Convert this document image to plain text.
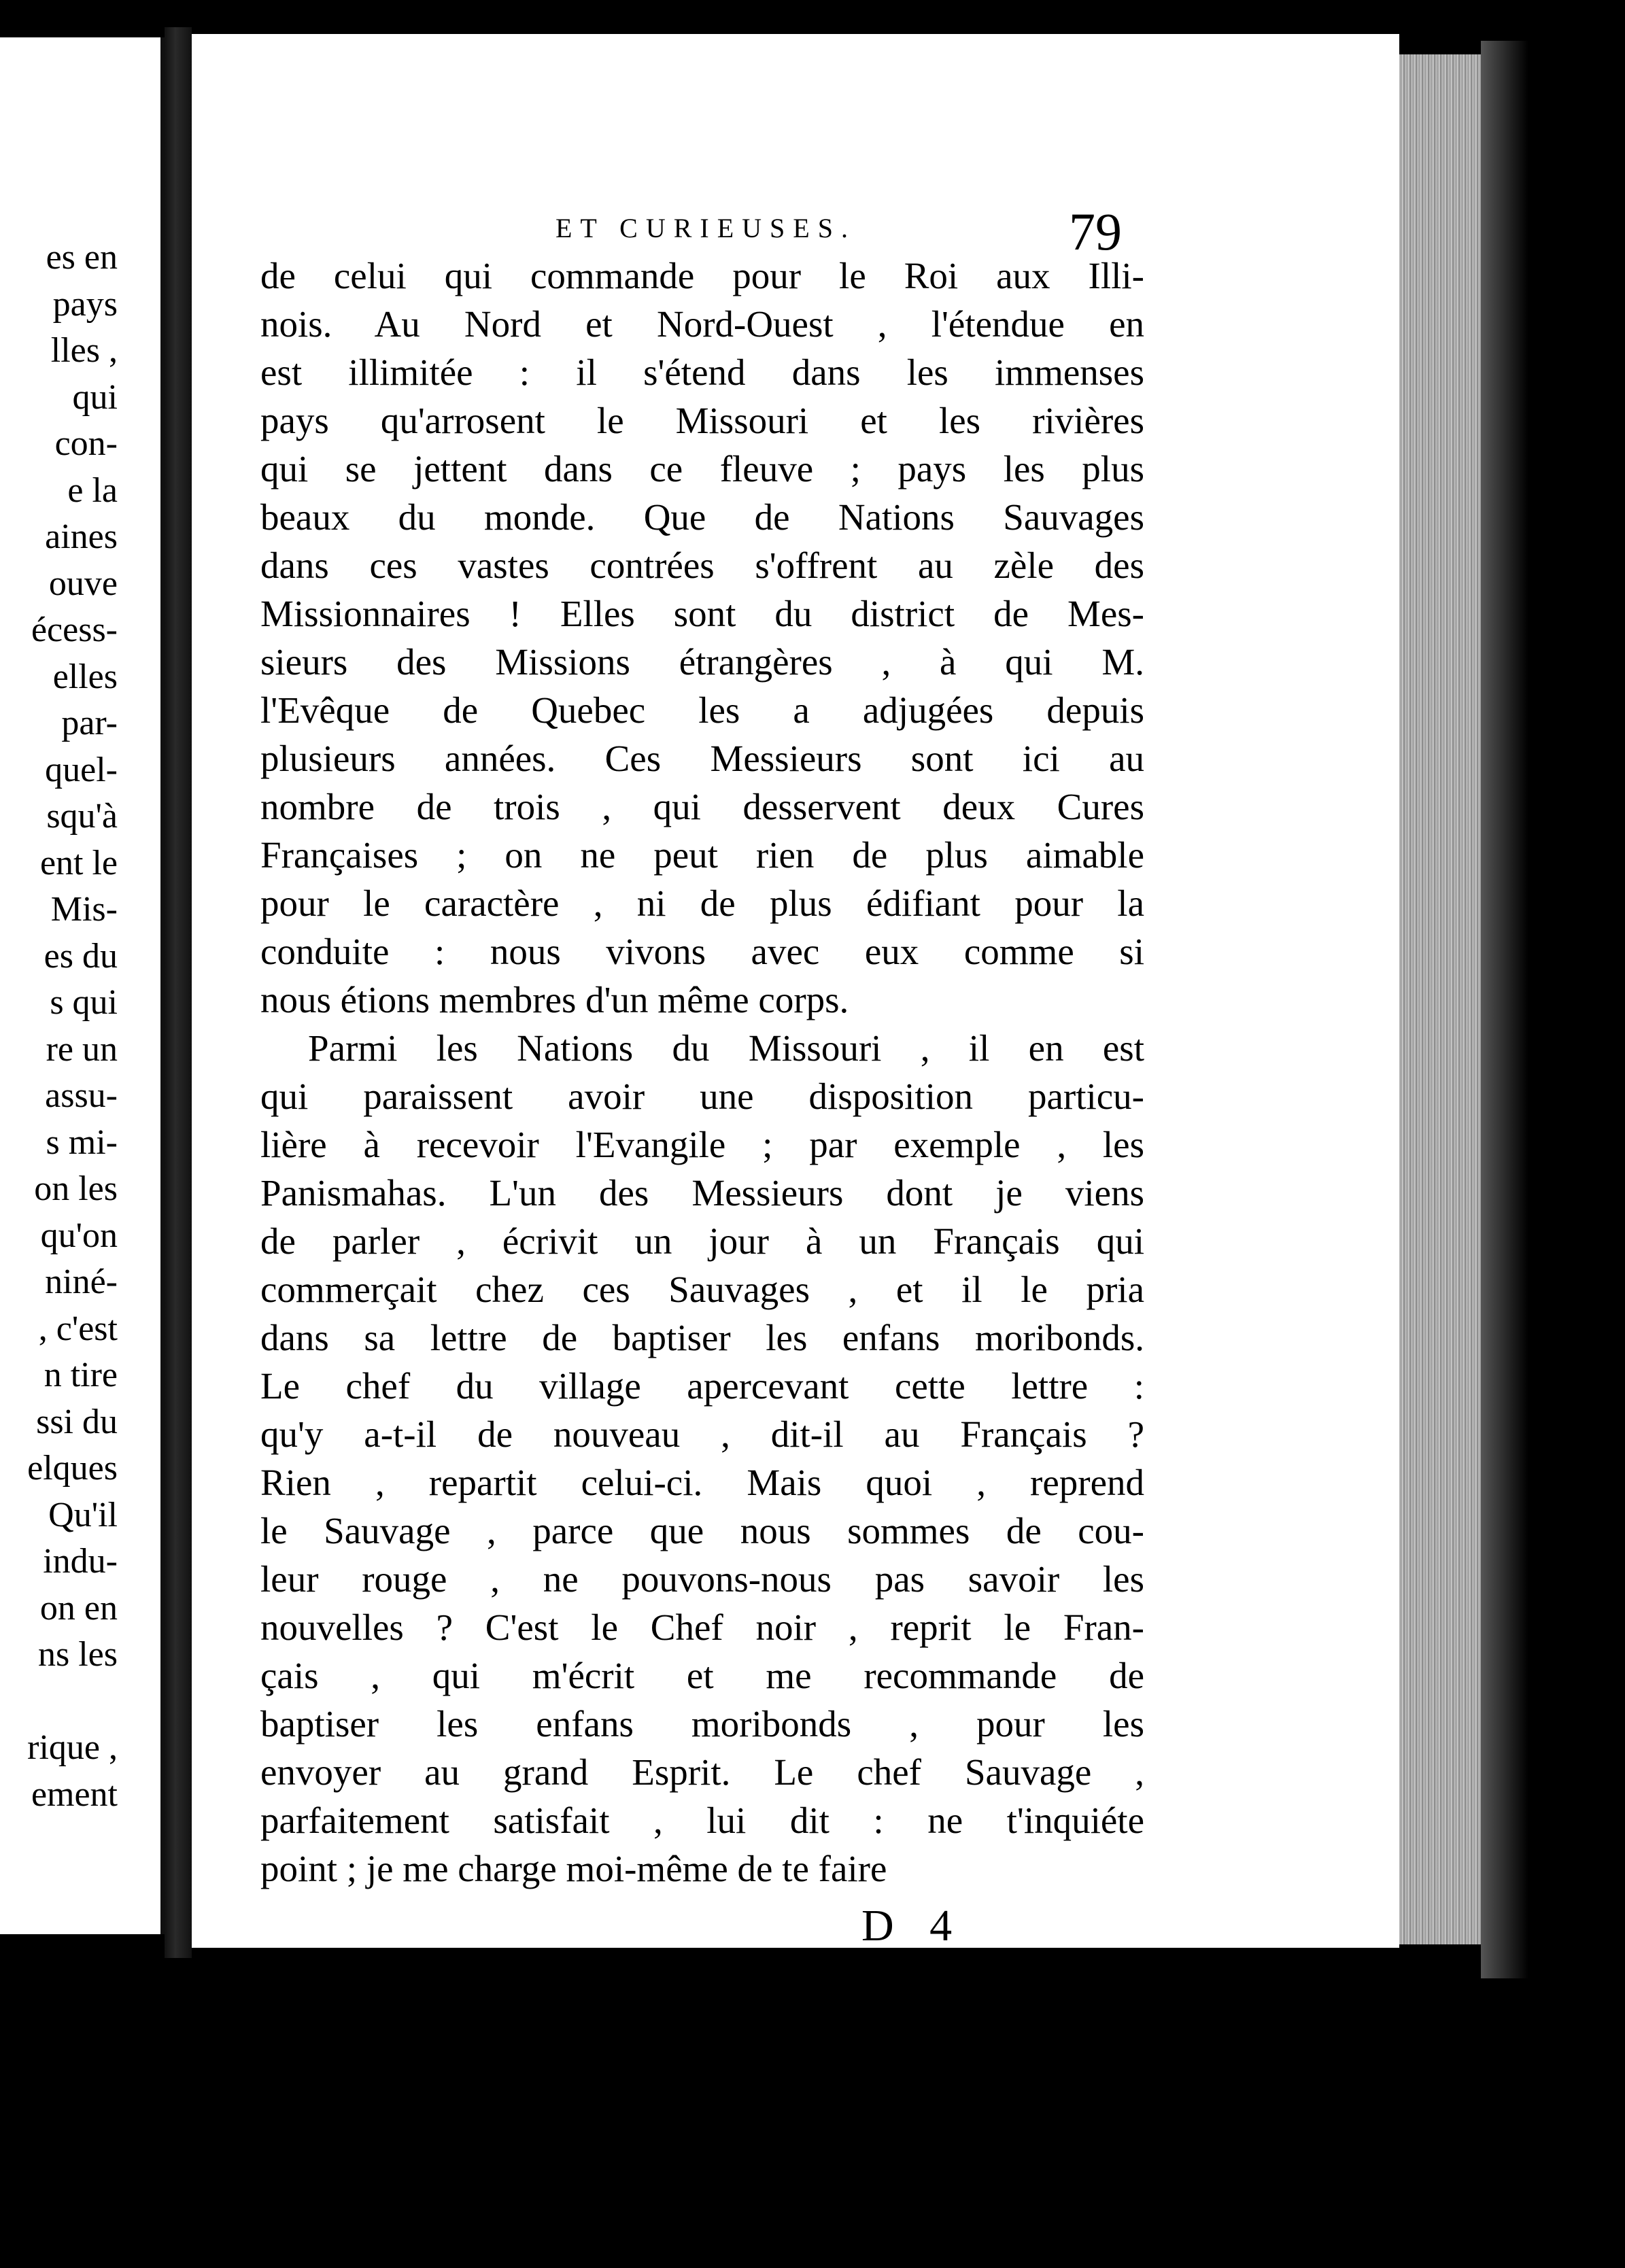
es en
pays
lles ,
qui
con-
e la
aines
ouve
écess-
elles
par-
quel-
squ'à
ent le
Mis-
es du
s qui
re un
assu-
s mi-
on les
qu'on
niné-
, c'est
n tire
ssi du
elques
Qu'il
indu-
on en
ns les
rique ,
ement
ET CURIEUSES.	79
de celui qui commande pour le Roi aux Illi-
nois. Au Nord et Nord-Ouest , l'étendue en
est illimitée : il s'étend dans les immenses
pays qu'arrosent le Missouri et les rivières
qui se jettent dans ce fleuve ; pays les plus
beaux du monde. Que de Nations Sauvages
dans ces vastes contrées s'offrent au zèle des
Missionnaires ! Elles sont du district de Mes-
sieurs des Missions étrangères , à qui M.
l'Evêque de Quebec les a adjugées depuis
plusieurs années. Ces Messieurs sont ici au
nombre de trois , qui desservent deux Cures
Françaises ; on ne peut rien de plus aimable
pour le caractère , ni de plus édifiant pour la
conduite : nous vivons avec eux comme si
nous étions membres d'un même corps.
Parmi les Nations du Missouri , il en est
qui paraissent avoir une disposition particu-
lière à recevoir l'Evangile ; par exemple , les
Panismahas. L'un des Messieurs dont je viens
de parler , écrivit un jour à un Français qui
commerçait chez ces Sauvages , et il le pria
dans sa lettre de baptiser les enfans moribonds.
Le chef du village apercevant cette lettre :
qu'y a-t-il de nouveau , dit-il au Français ?
Rien , repartit celui-ci. Mais quoi , reprend
le Sauvage , parce que nous sommes de cou-
leur rouge , ne pouvons-nous pas savoir les
nouvelles ? C'est le Chef noir , reprit le Fran-
çais , qui m'écrit et me recommande de
baptiser les enfans moribonds , pour les
envoyer au grand Esprit. Le chef Sauvage ,
parfaitement satisfait , lui dit : ne t'inquiéte
point ; je me charge moi-même de te faire
D 4
